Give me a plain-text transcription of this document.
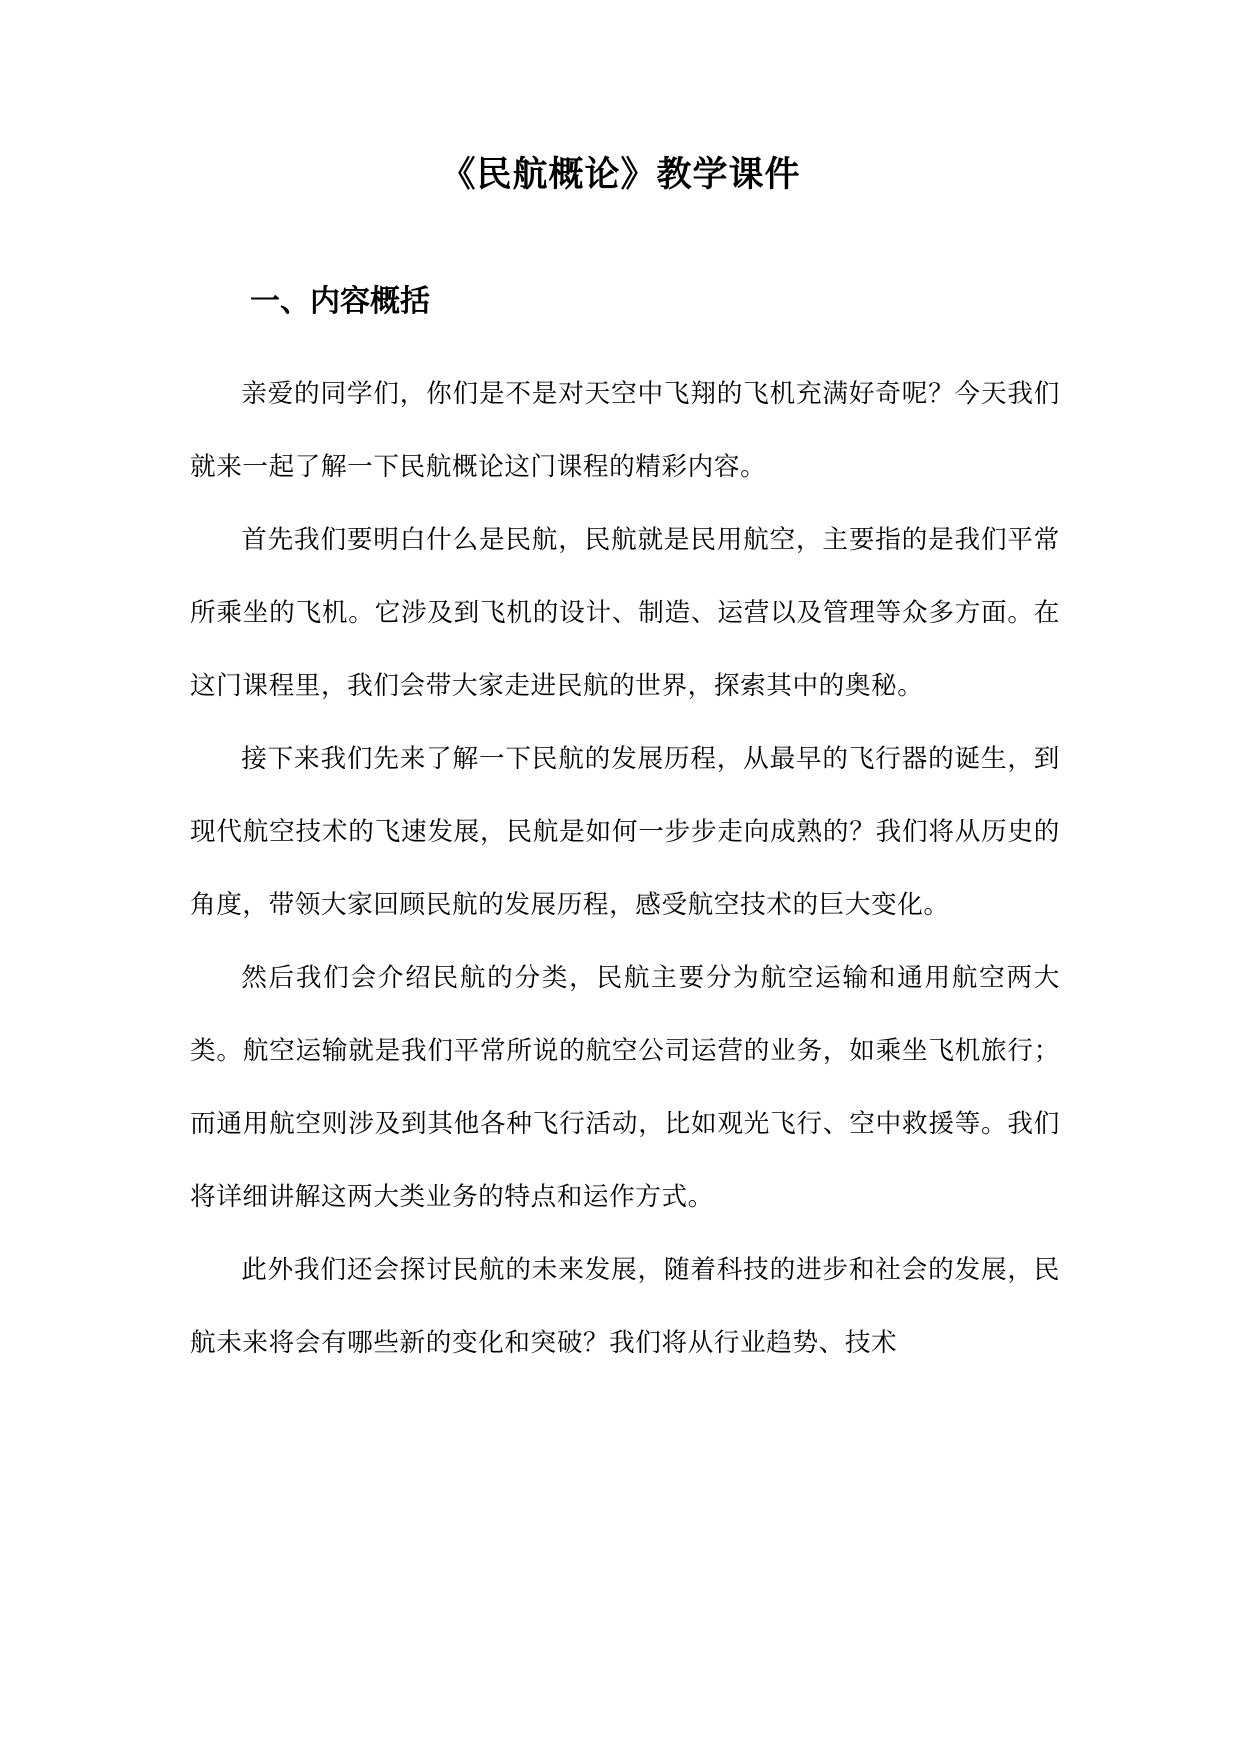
《民航概论》教学课件
一、内容概括

亲爱的同学们，你们是不是对天空中飞翔的飞机充满好奇呢？今天我们就来一起了解一下民航概论这门课程的精彩内容。

首先我们要明白什么是民航，民航就是民用航空，主要指的是我们平常所乘坐的飞机。它涉及到飞机的设计、制造、运营以及管理等众多方面。在这门课程里，我们会带大家走进民航的世界，探索其中的奥秘。

接下来我们先来了解一下民航的发展历程，从最早的飞行器的诞生，到现代航空技术的飞速发展，民航是如何一步步走向成熟的？我们将从历史的角度，带领大家回顾民航的发展历程，感受航空技术的巨大变化。

然后我们会介绍民航的分类，民航主要分为航空运输和通用航空两大类。航空运输就是我们平常所说的航空公司运营的业务，如乘坐飞机旅行；而通用航空则涉及到其他各种飞行活动，比如观光飞行、空中救援等。我们将详细讲解这两大类业务的特点和运作方式。

此外我们还会探讨民航的未来发展，随着科技的进步和社会的发展，民航未来将会有哪些新的变化和突破？我们将从行业趋势、技术
